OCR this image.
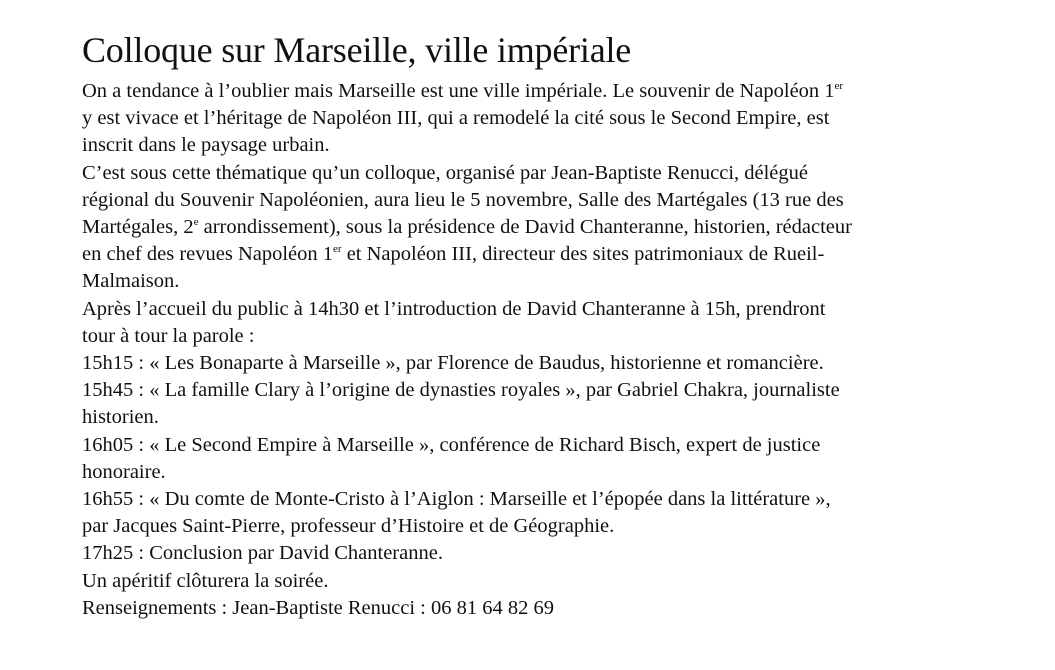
Colloque sur Marseille, ville impériale
On a tendance à l’oublier mais Marseille est une ville impériale. Le souvenir de Napoléon 1er
y est vivace et l’héritage de Napoléon III, qui a remodelé la cité sous le Second Empire, est
inscrit dans le paysage urbain.
C’est sous cette thématique qu’un colloque, organisé par Jean-Baptiste Renucci, délégué
régional du Souvenir Napoléonien, aura lieu le 5 novembre, Salle des Martégales (13 rue des
Martégales, 2e arrondissement), sous la présidence de David Chanteranne, historien, rédacteur
en chef des revues Napoléon 1er et Napoléon III, directeur des sites patrimoniaux de Rueil-
Malmaison.
Après l’accueil du public à 14h30 et l’introduction de David Chanteranne à 15h, prendront
tour à tour la parole :
15h15 : « Les Bonaparte à Marseille », par Florence de Baudus, historienne et romancière.
15h45 : « La famille Clary à l’origine de dynasties royales », par Gabriel Chakra, journaliste
historien.
16h05 : « Le Second Empire à Marseille », conférence de Richard Bisch, expert de justice
honoraire.
16h55 : « Du comte de Monte-Cristo à l’Aiglon : Marseille et l’épopée dans la littérature »,
par Jacques Saint-Pierre, professeur d’Histoire et de Géographie.
17h25 : Conclusion par David Chanteranne.
Un apéritif clôturera la soirée.
Renseignements : Jean-Baptiste Renucci : 06 81 64 82 69
